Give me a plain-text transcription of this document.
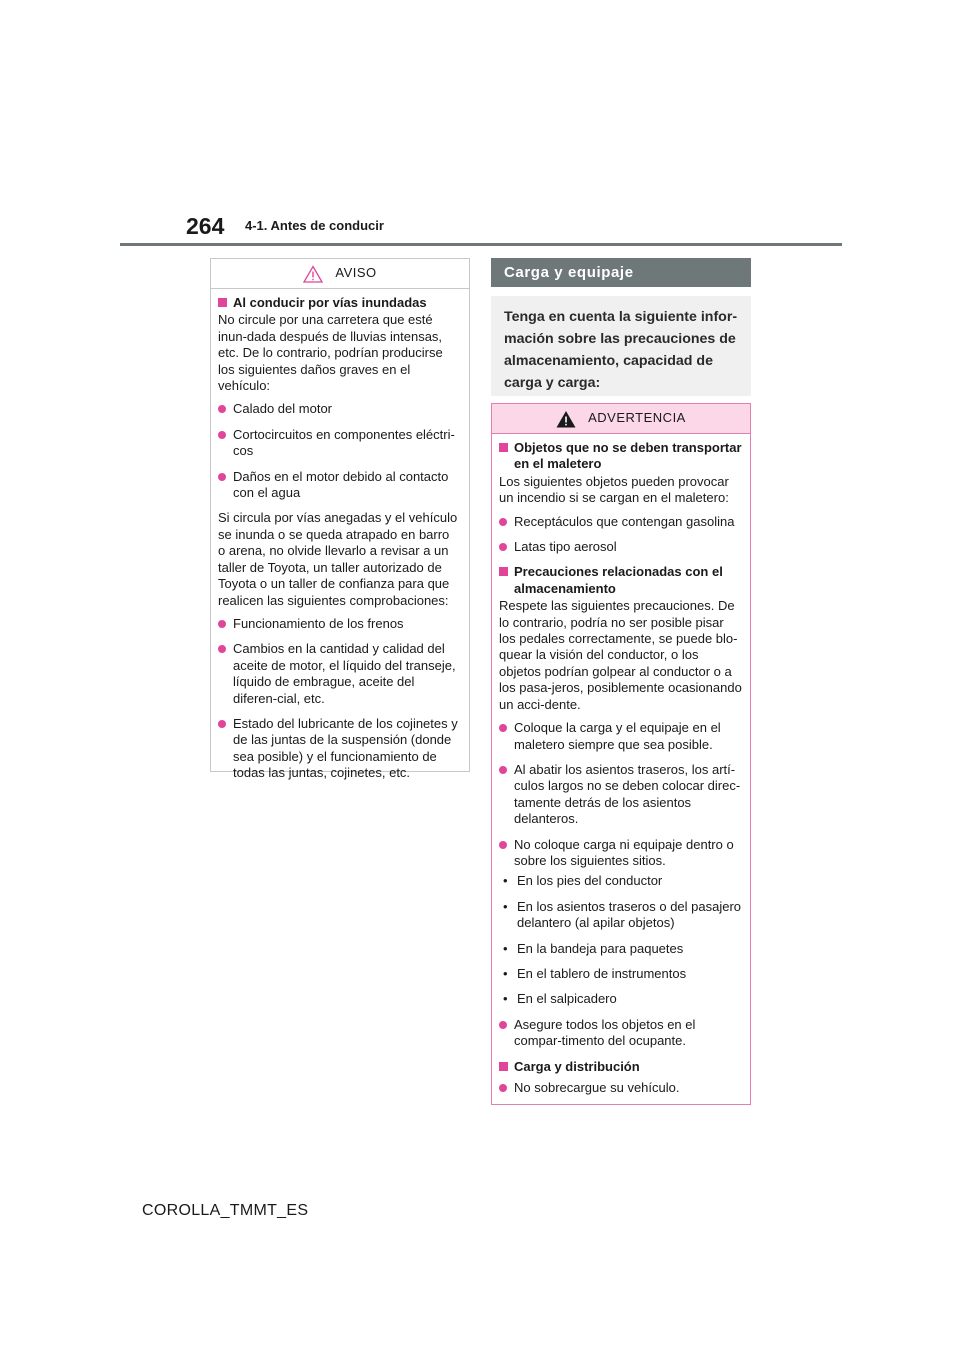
264 4-1. Antes de conducir
AVISO
Al conducir por vías inundadas

No circule por una carretera que esté inun-dada después de lluvias intensas, etc. De lo contrario, podrían producirse los siguientes daños graves en el vehículo:

Calado del motor
Cortocircuitos en componentes eléctri-cos
Daños en el motor debido al contacto con el agua

Si circula por vías anegadas y el vehículo se inunda o se queda atrapado en barro o arena, no olvide llevarlo a revisar a un taller de Toyota, un taller autorizado de Toyota o un taller de confianza para que realicen las siguientes comprobaciones:

Funcionamiento de los frenos
Cambios en la cantidad y calidad del aceite de motor, el líquido del transeje, líquido de embrague, aceite del diferen-cial, etc.
Estado del lubricante de los cojinetes y de las juntas de la suspensión (donde sea posible) y el funcionamiento de todas las juntas, cojinetes, etc.
Carga y equipaje
Tenga en cuenta la siguiente infor-mación sobre las precauciones de almacenamiento, capacidad de carga y carga:
ADVERTENCIA
Objetos que no se deben transportar en el maletero

Los siguientes objetos pueden provocar un incendio si se cargan en el maletero:

Receptáculos que contengan gasolina
Latas tipo aerosol
Precauciones relacionadas con el almacenamiento

Respete las siguientes precauciones. De lo contrario, podría no ser posible pisar los pedales correctamente, se puede blo-quear la visión del conductor, o los objetos podrían golpear al conductor o a los pasa-jeros, posiblemente ocasionando un acci-dente.

Coloque la carga y el equipaje en el maletero siempre que sea posible.
Al abatir los asientos traseros, los artí-culos largos no se deben colocar direc-tamente detrás de los asientos delanteros.
No coloque carga ni equipaje dentro o sobre los siguientes sitios.
• En los pies del conductor
• En los asientos traseros o del pasajero delantero (al apilar objetos)
• En la bandeja para paquetes
• En el tablero de instrumentos
• En el salpicadero
Asegure todos los objetos en el compar-timento del ocupante.
Carga y distribución
No sobrecargue su vehículo.
COROLLA_TMMT_ES
